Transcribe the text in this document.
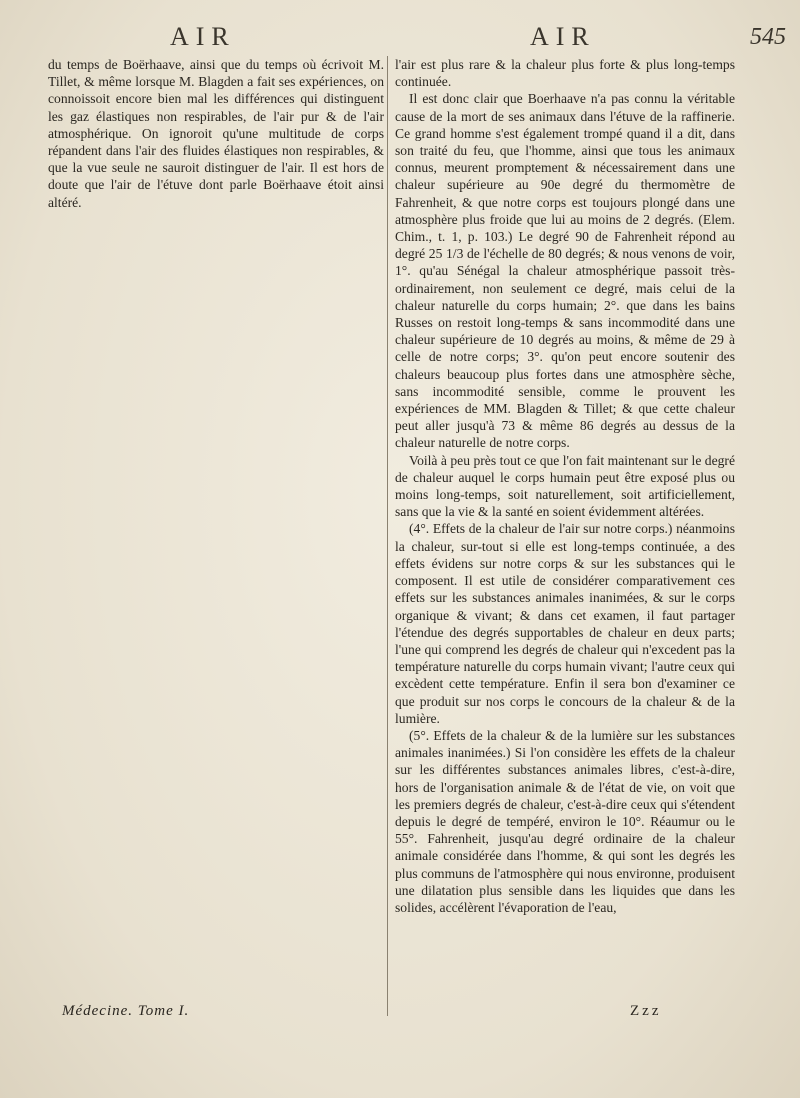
AIR	AIR	545

du temps de Boërhaave, ainsi que du temps où écrivoit M. Tillet, & même lorsque M. Blagden a fait ses expériences, on connoissoit encore bien mal les différences qui distinguent les gaz élastiques non respirables, de l'air pur & de l'air atmosphérique. On ignoroit qu'une multitude de corps répandent dans l'air des fluides élastiques non respirables, & que la vue seule ne sauroit distinguer de l'air. Il est hors de doute que l'air de l'étuve dont parle Boërhaave étoit ainsi altéré.

l'air est plus rare & la chaleur plus forte & plus long-temps continuée.

Il est donc clair que Boerhaave n'a pas connu la véritable cause de la mort de ses animaux dans l'étuve de la raffinerie. Ce grand homme s'est également trompé quand il a dit, dans son traité du feu, que l'homme, ainsi que tous les animaux connus, meurent promptement & nécessairement dans une chaleur supérieure au 90e degré du thermomètre de Fahrenheit, & que notre corps est toujours plongé dans une atmosphère plus froide que lui au moins de 2 degrés. (Elem. Chim., t. 1, p. 103.) Le degré 90 de Fahrenheit répond au degré 25 1/3 de l'échelle de 80 degrés; & nous venons de voir, 1°. qu'au Sénégal la chaleur atmosphérique passoit très-ordinairement, non seulement ce degré, mais celui de la chaleur naturelle du corps humain; 2°. que dans les bains Russes on restoit long-temps & sans incommodité dans une chaleur supérieure de 10 degrés au moins, & même de 29 à celle de notre corps; 3°. qu'on peut encore soutenir des chaleurs beaucoup plus fortes dans une atmosphère sèche, sans incommodité sensible, comme le prouvent les expériences de MM. Blagden & Tillet; & que cette chaleur peut aller jusqu'à 73 & même 86 degrés au dessus de la chaleur naturelle de notre corps.

Voilà à peu près tout ce que l'on fait maintenant sur le degré de chaleur auquel le corps humain peut être exposé plus ou moins long-temps, soit naturellement, soit artificiellement, sans que la vie & la santé en soient évidemment altérées.

(4°. Effets de la chaleur de l'air sur notre corps.) néanmoins la chaleur, sur-tout si elle est long-temps continuée, a des effets évidens sur notre corps & sur les substances qui le composent. Il est utile de considérer comparativement ces effets sur les substances animales inanimées, & sur le corps organique & vivant; & dans cet examen, il faut partager l'étendue des degrés supportables de chaleur en deux parts; l'une qui comprend les degrés de chaleur qui n'excedent pas la température naturelle du corps humain vivant; l'autre ceux qui excèdent cette température. Enfin il sera bon d'examiner ce que produit sur nos corps le concours de la chaleur & de la lumière.

(5°. Effets de la chaleur & de la lumière sur les substances animales inanimées.) Si l'on considère les effets de la chaleur sur les différentes substances animales libres, c'est-à-dire, hors de l'organisation animale & de l'état de vie, on voit que les premiers degrés de chaleur, c'est-à-dire ceux qui s'étendent depuis le degré de tempéré, environ le 10°. Réaumur ou le 55°. Fahrenheit, jusqu'au degré ordinaire de la chaleur animale considérée dans l'homme, & qui sont les degrés les plus communs de l'atmosphère qui nous environne, produisent une dilatation plus sensible dans les liquides que dans les solides, accélèrent l'évaporation de l'eau,

Médecine. Tome I.	Zzz
